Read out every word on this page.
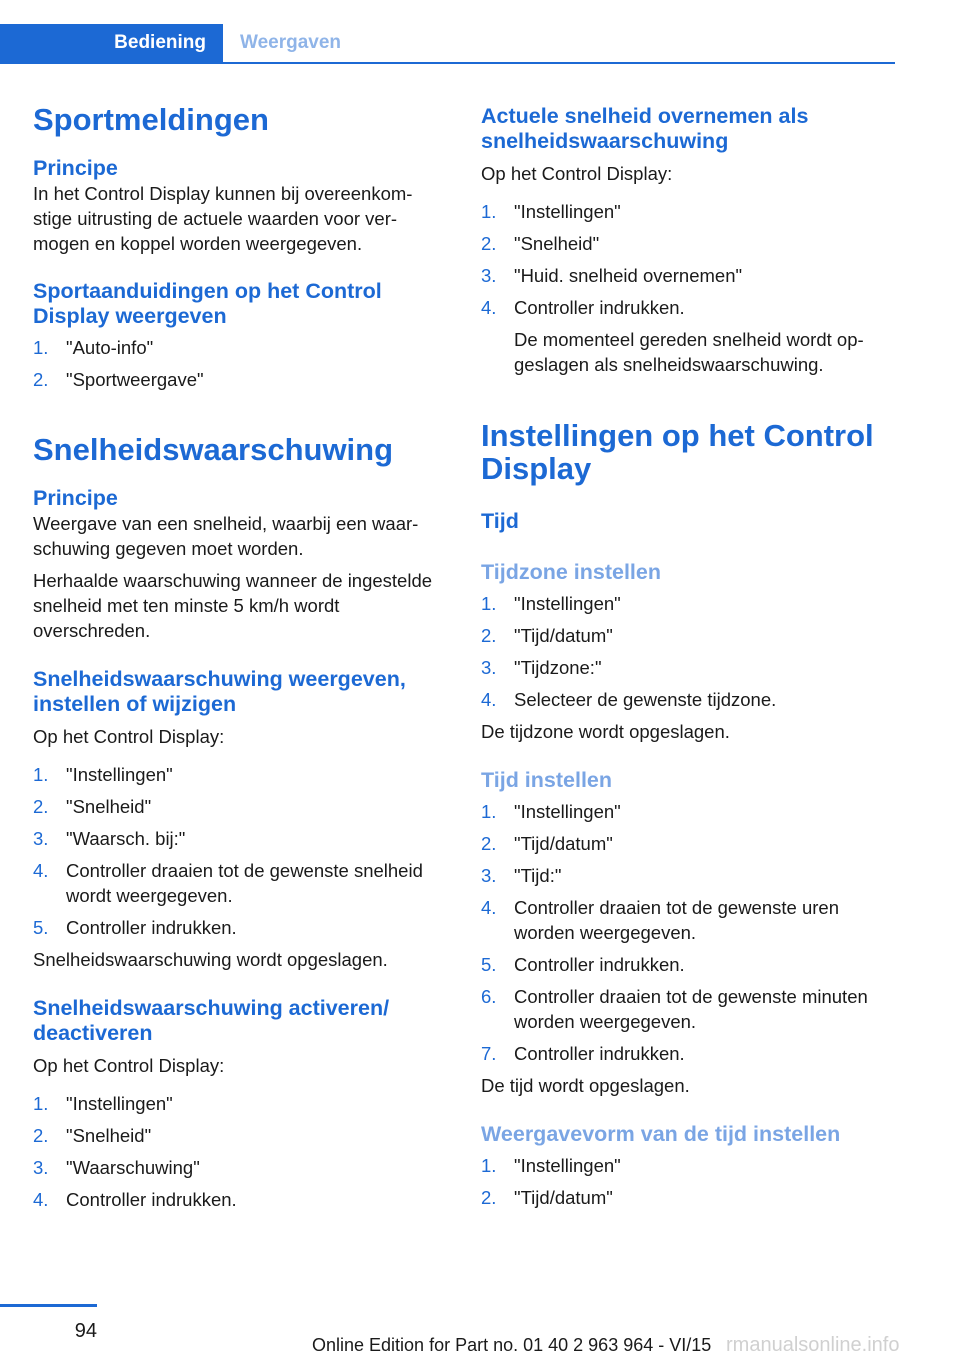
Bediening	Weergaven
Sportmeldingen
Principe

In het Control Display kunnen bij overeenkomstige uitrusting de actuele waarden voor vermogen en koppel worden weergegeven.

Sportaanduidingen op het Control Display weergeven
1. "Auto-info"
2. "Sportweergave"
Snelheidswaarschuwing
Principe

Weergave van een snelheid, waarbij een waarschuwing gegeven moet worden.

Herhaalde waarschuwing wanneer de ingestelde snelheid met ten minste 5 km/h wordt overschreden.

Snelheidswaarschuwing weergeven, instellen of wijzigen

Op het Control Display:

1. "Instellingen"
2. "Snelheid"
3. "Waarsch. bij:"
4. Controller draaien tot de gewenste snelheid wordt weergegeven.
5. Controller indrukken.

Snelheidswaarschuwing wordt opgeslagen.

Snelheidswaarschuwing activeren/ deactiveren

Op het Control Display:

1. "Instellingen"
2. "Snelheid"
3. "Waarschuwing"
4. Controller indrukken.
Actuele snelheid overnemen als snelheidswaarschuwing

Op het Control Display:

1. "Instellingen"
2. "Snelheid"
3. "Huid. snelheid overnemen"
4. Controller indrukken.
De momenteel gereden snelheid wordt opgeslagen als snelheidswaarschuwing.
Instellingen op het Control Display
Tijd
Tijdzone instellen
1. "Instellingen"
2. "Tijd/datum"
3. "Tijdzone:"
4. Selecteer de gewenste tijdzone.

De tijdzone wordt opgeslagen.

Tijd instellen
1. "Instellingen"
2. "Tijd/datum"
3. "Tijd:"
4. Controller draaien tot de gewenste uren worden weergegeven.
5. Controller indrukken.
6. Controller draaien tot de gewenste minuten worden weergegeven.
7. Controller indrukken.

De tijd wordt opgeslagen.

Weergavevorm van de tijd instellen
1. "Instellingen"
2. "Tijd/datum"
94
Online Edition for Part no. 01 40 2 963 964 - VI/15 rmanualsonline.info
